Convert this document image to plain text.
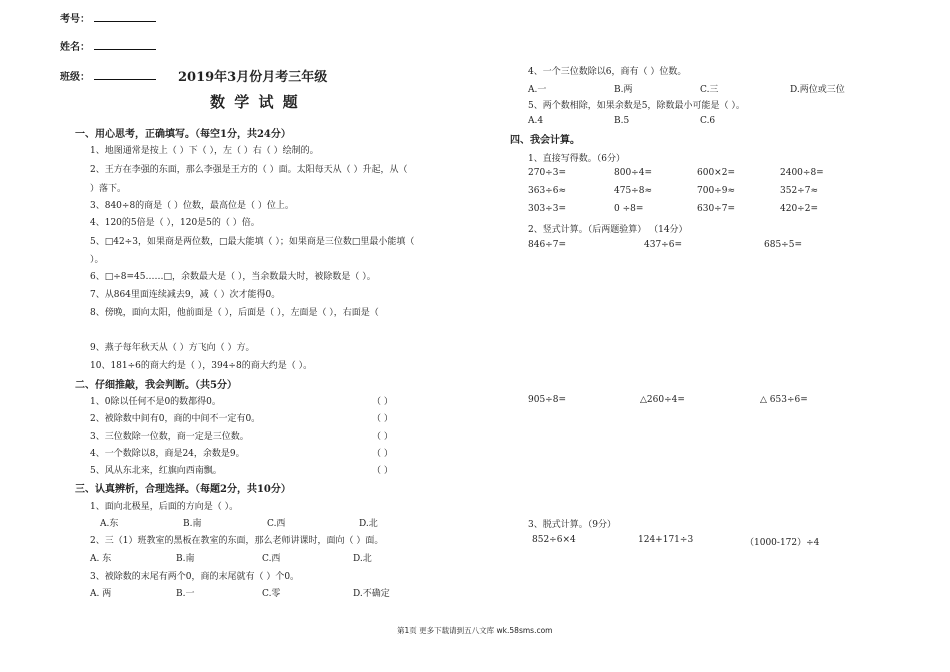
考号：
姓名：
班级：	2019年3月份月考三年级
数 学 试 题
一、用心思考，正确填写。（每空1分，共24分）
1、地图通常是按上（ ）下（ ），左（ ）右（ ）绘制的。
2、王方在李强的东面，那么李强是王方的（ ）面。太阳每天从（ ）升起，从（
）落下。
3、840÷8的商是（ ）位数，最高位是（ ）位上。
4、120的5倍是（ ），120是5的（ ）倍。
5、□42÷3，如果商是两位数，□最大能填（ ）；如果商是三位数□里最小能填（
）。
6、□÷8=45……□，余数最大是（ ），当余数最大时，被除数是（ ）。
7、从864里面连续减去9，减（ ）次才能得0。
8、傍晚，面向太阳，他前面是（ ），后面是（ ），左面是（ ），右面是（
9、燕子每年秋天从（ ）方飞向（ ）方。
10、181÷6的商大约是（ ），394÷8的商大约是（ ）。
二、仔细推敲，我会判断。（共5分）
1、0除以任何不是0的数都得0。	（ ）
2、被除数中间有0，商的中间不一定有0。	（ ）
3、三位数除一位数，商一定是三位数。	（ ）
4、一个数除以8，商是24，余数是9。	（ ）
5、风从东北来，红旗向西南飘。	（ ）
三、认真辨析，合理选择。（每题2分，共10分）
1、面向北极星，后面的方向是（ ）。
A.东	B.南	C.西	D.北
2、三（1）班教室的黑板在教室的东面，那么老师讲课时，面向（ ）面。
A. 东	B.南	C.西	D.北
3、被除数的末尾有两个0，商的末尾就有（ ）个0。
A. 两	B.一	C.零	D.不确定
4、一个三位数除以6，商有（ ）位数。
A.一	B.两	C.三	D.两位或三位
5、两个数相除，如果余数是5，除数最小可能是（ ）。
A.4	B.5	C.6
四、我会计算。
1、直接写得数。（6分）
270÷3=	800÷4=	600×2=	2400÷8=
363÷6≈	475÷8≈	700÷9≈	352÷7≈
303÷3=	0 ÷8=	630÷7=	420÷2=
2、竖式计算。（后两题验算） （14分）
846÷7=	437÷6=	685÷5=
905÷8=	△260÷4=	△ 653÷6=
3、脱式计算。（9分）
852÷6×4	124+171÷3	（1000-172）÷4
第1页 更多下载请到五八文库 wk.58sms.com
